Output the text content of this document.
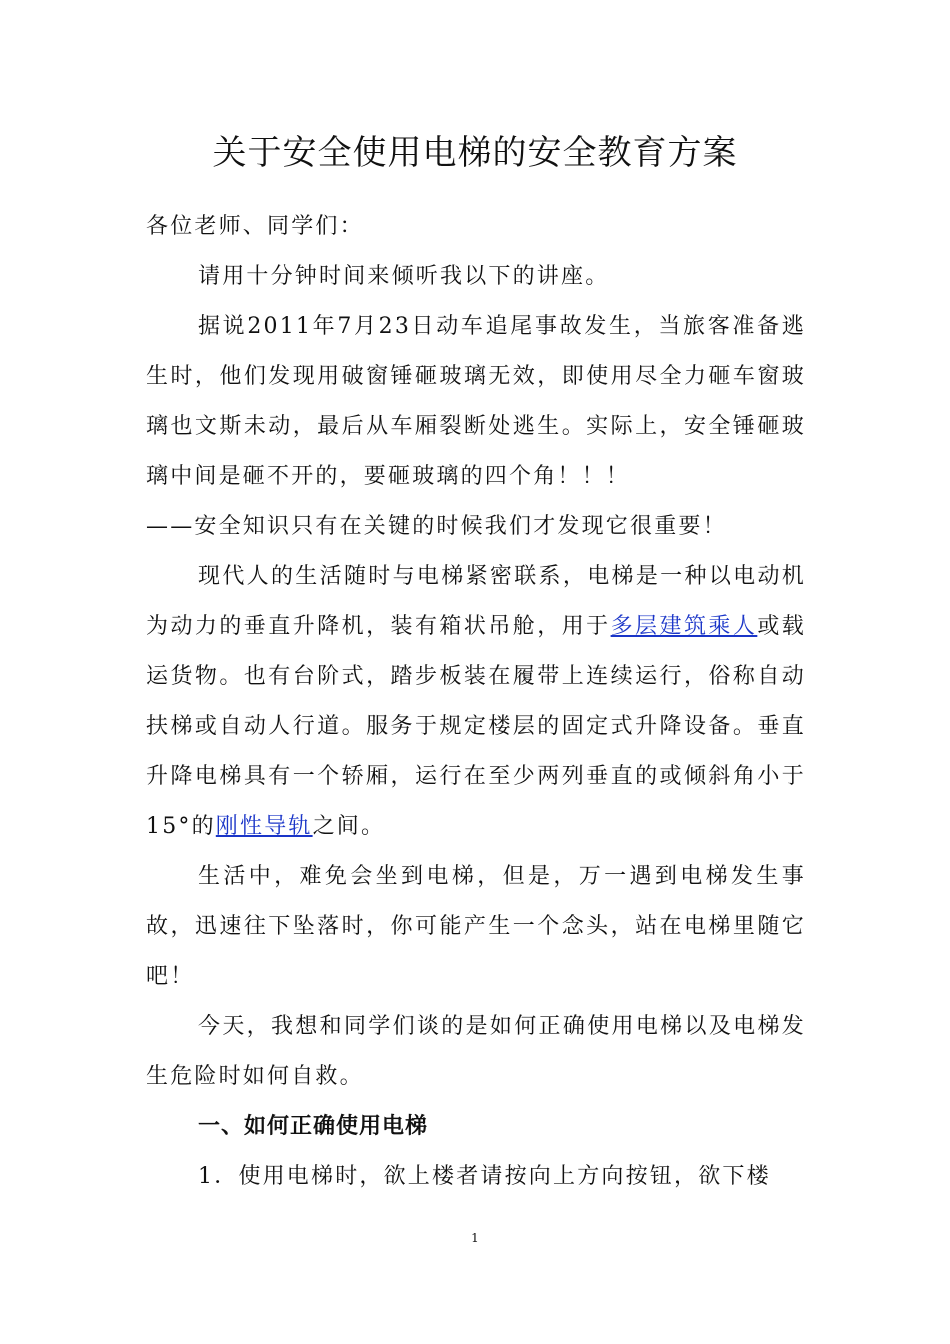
关于安全使用电梯的安全教育方案

各位老师、同学们：

请用十分钟时间来倾听我以下的讲座。

据说2011年7月23日动车追尾事故发生，当旅客准备逃生时，他们发现用破窗锤砸玻璃无效，即使用尽全力砸车窗玻璃也文斯未动，最后从车厢裂断处逃生。实际上，安全锤砸玻璃中间是砸不开的，要砸玻璃的四个角！！！

——安全知识只有在关键的时候我们才发现它很重要！

现代人的生活随时与电梯紧密联系，电梯是一种以电动机为动力的垂直升降机，装有箱状吊舱，用于多层建筑乘人或载运货物。也有台阶式，踏步板装在履带上连续运行，俗称自动扶梯或自动人行道。服务于规定楼层的固定式升降设备。垂直升降电梯具有一个轿厢，运行在至少两列垂直的或倾斜角小于15°的刚性导轨之间。

生活中，难免会坐到电梯，但是，万一遇到电梯发生事故，迅速往下坠落时，你可能产生一个念头，站在电梯里随它吧！

今天，我想和同学们谈的是如何正确使用电梯以及电梯发生危险时如何自救。

一、如何正确使用电梯

1．使用电梯时，欲上楼者请按向上方向按钮，欲下楼

1
